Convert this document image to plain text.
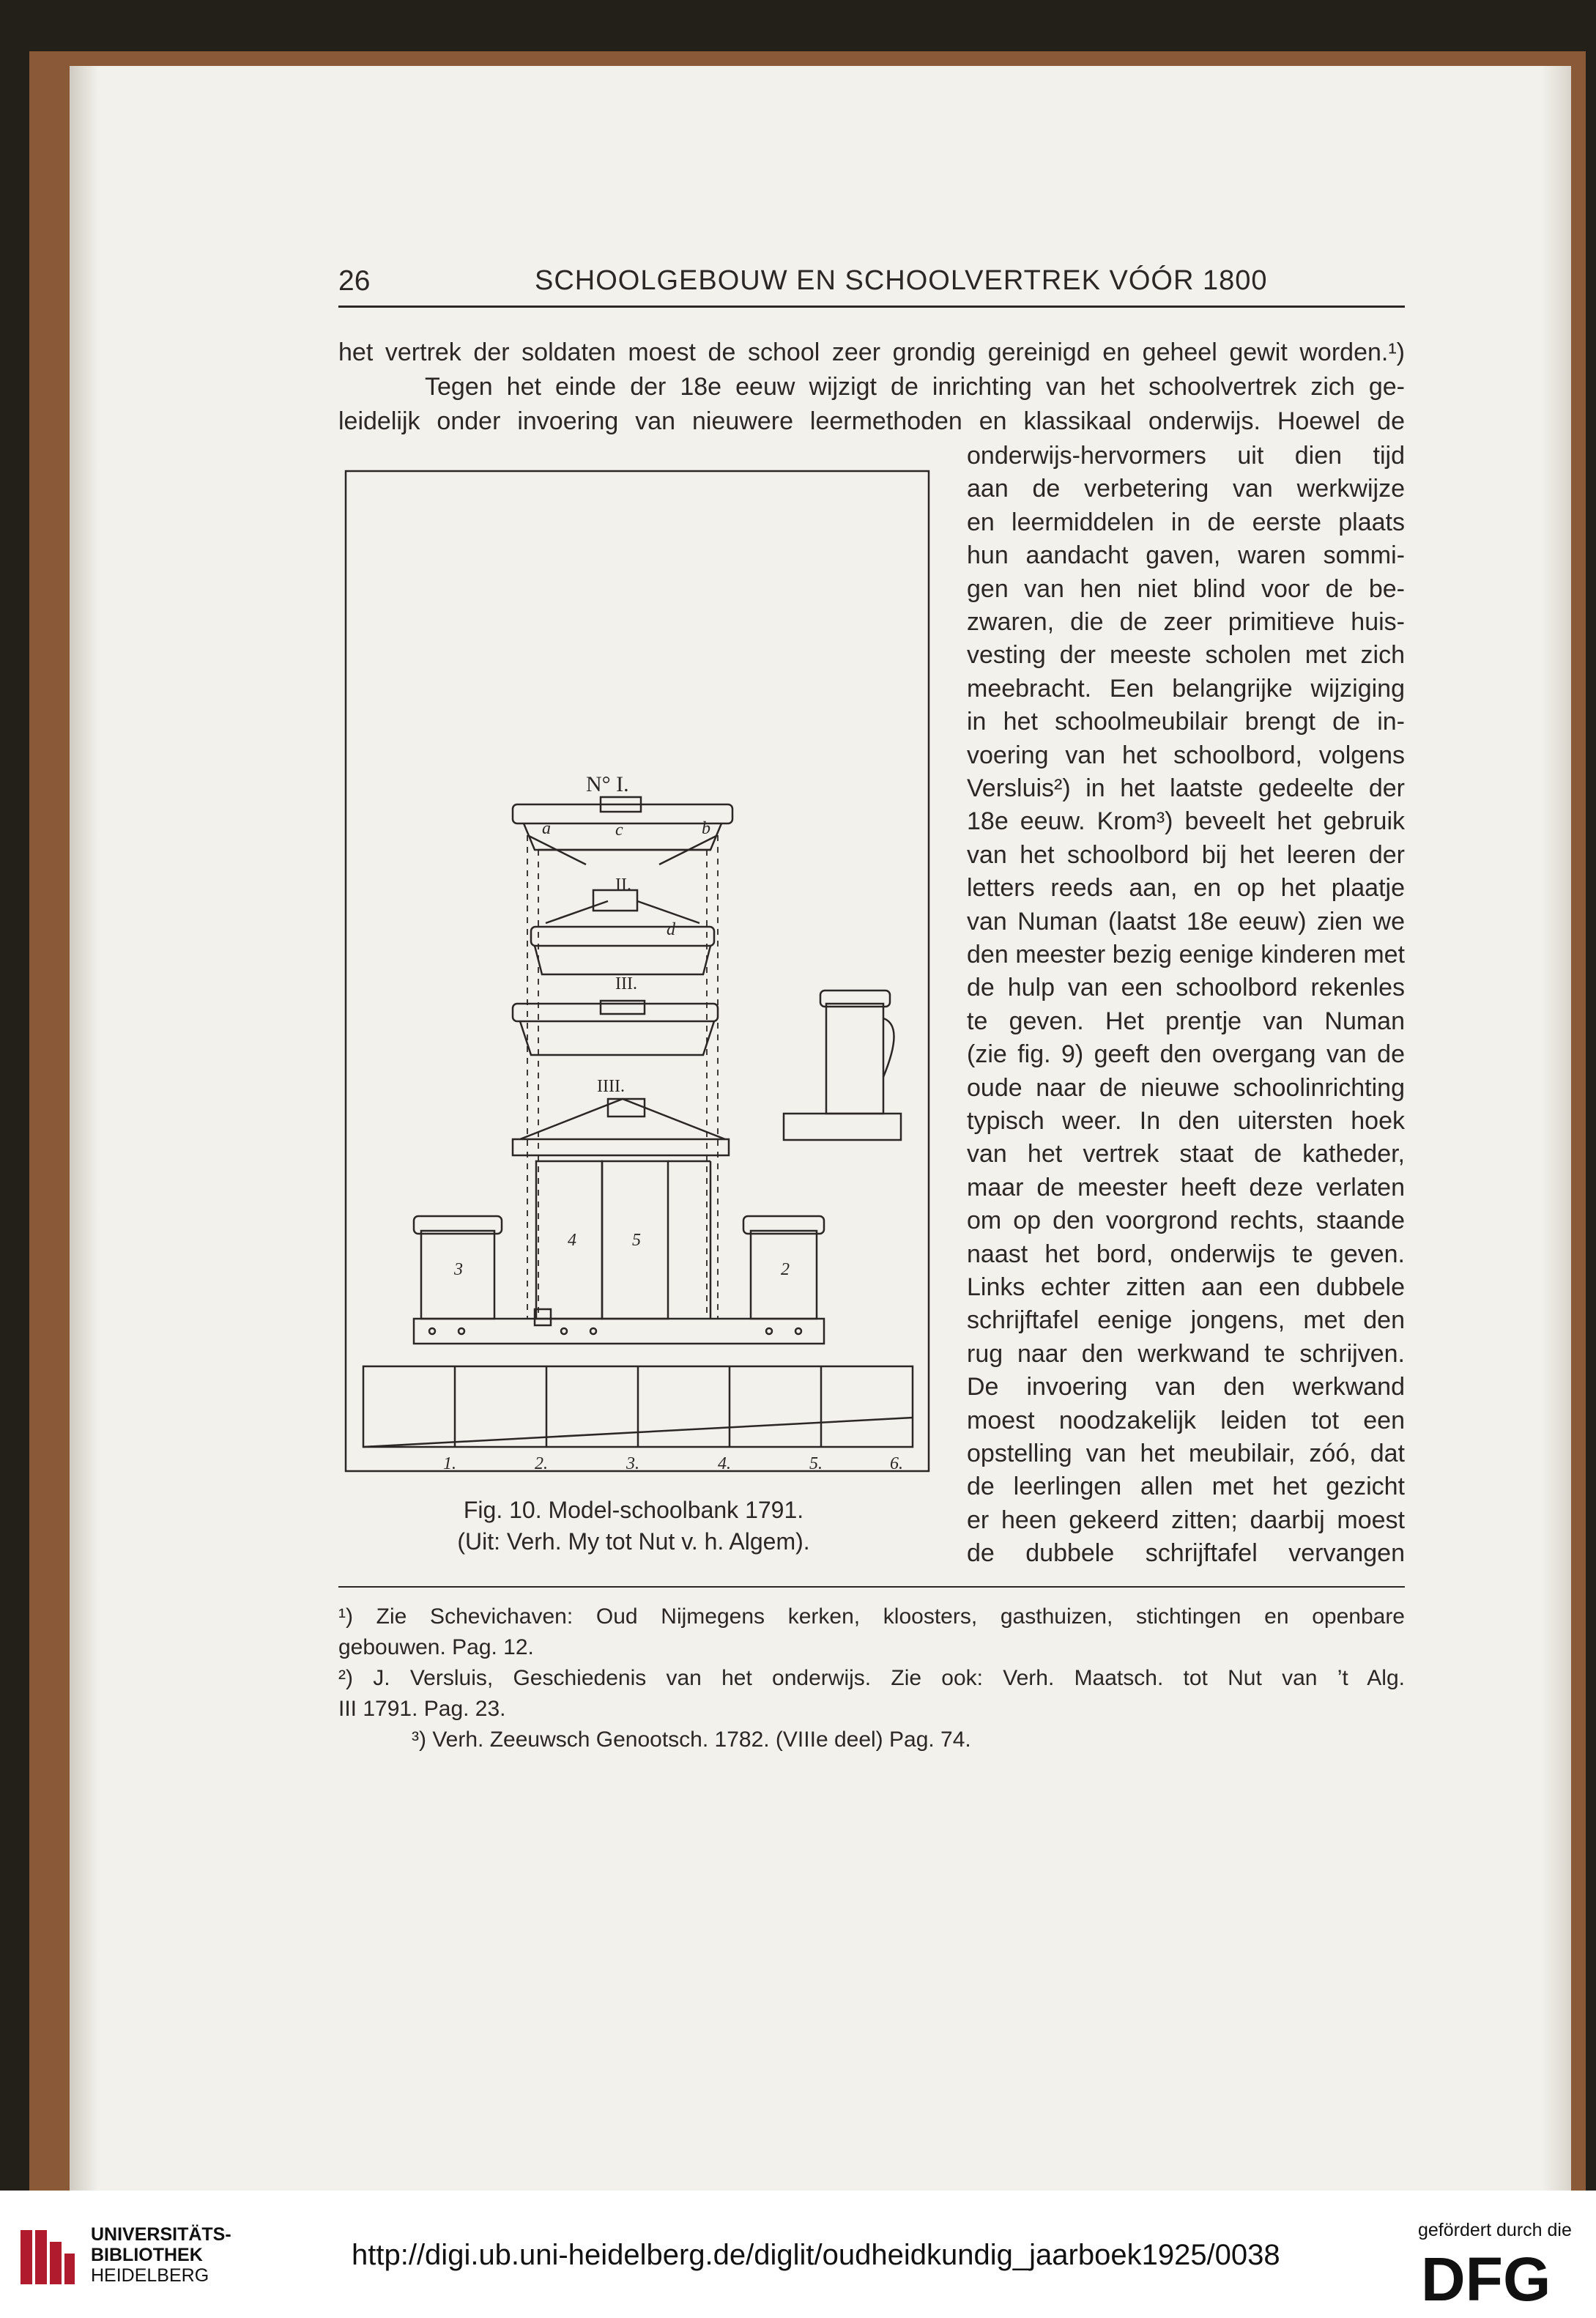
26	SCHOOLGEBOUW EN SCHOOLVERTREK VÓÓR 1800
het vertrek der soldaten moest de school zeer grondig gereinigd en geheel gewit worden.¹)
Tegen het einde der 18e eeuw wijzigt de inrichting van het schoolvertrek zich ge-
leidelijk onder invoering van nieuwere leermethoden en klassikaal onderwijs. Hoewel de
N° I.
II.
III.
IIII.
3
4	5
2
a	b
c
d
1.	2.	3.	4.	5.	6.
Fig. 10. Model-schoolbank 1791.
(Uit: Verh. My tot Nut v. h. Algem).
¹) Zie Schevichaven: Oud Nijmegens kerken, kloosters, gasthuizen, stichtingen en openbare
gebouwen. Pag. 12.
²) J. Versluis, Geschiedenis van het onderwijs. Zie ook: Verh. Maatsch. tot Nut van ’t Alg.
III 1791. Pag. 23.
³) Verh. Zeeuwsch Genootsch. 1782. (VIIIe deel) Pag. 74.
UNIVERSITÄTS-
BIBLIOTHEK
HEIDELBERG
http://digi.ub.uni-heidelberg.de/diglit/oudheidkundig_jaarboek1925/0038
gefördert durch die
DFG
onderwijs-hervormers uit dien tijd
aan de verbetering van werkwijze
en leermiddelen in de eerste plaats
hun aandacht gaven, waren sommi-
gen van hen niet blind voor de be-
zwaren, die de zeer primitieve huis-
vesting der meeste scholen met zich
meebracht. Een belangrijke wijziging
in het schoolmeubilair brengt de in-
voering van het schoolbord, volgens
Versluis²) in het laatste gedeelte der
18e eeuw. Krom³) beveelt het gebruik
van het schoolbord bij het leeren der
letters reeds aan, en op het plaatje
van Numan (laatst 18e eeuw) zien we
den meester bezig eenige kinderen met
de hulp van een schoolbord rekenles
te geven. Het prentje van Numan
(zie fig. 9) geeft den overgang van de
oude naar de nieuwe schoolinrichting
typisch weer. In den uitersten hoek
van het vertrek staat de katheder,
maar de meester heeft deze verlaten
om op den voorgrond rechts, staande
naast het bord, onderwijs te geven.
Links echter zitten aan een dubbele
schrijftafel eenige jongens, met den
rug naar den werkwand te schrijven.
De invoering van den werkwand
moest noodzakelijk leiden tot een
opstelling van het meubilair, zóó, dat
de leerlingen allen met het gezicht
er heen gekeerd zitten; daarbij moest
de dubbele schrijftafel vervangen
